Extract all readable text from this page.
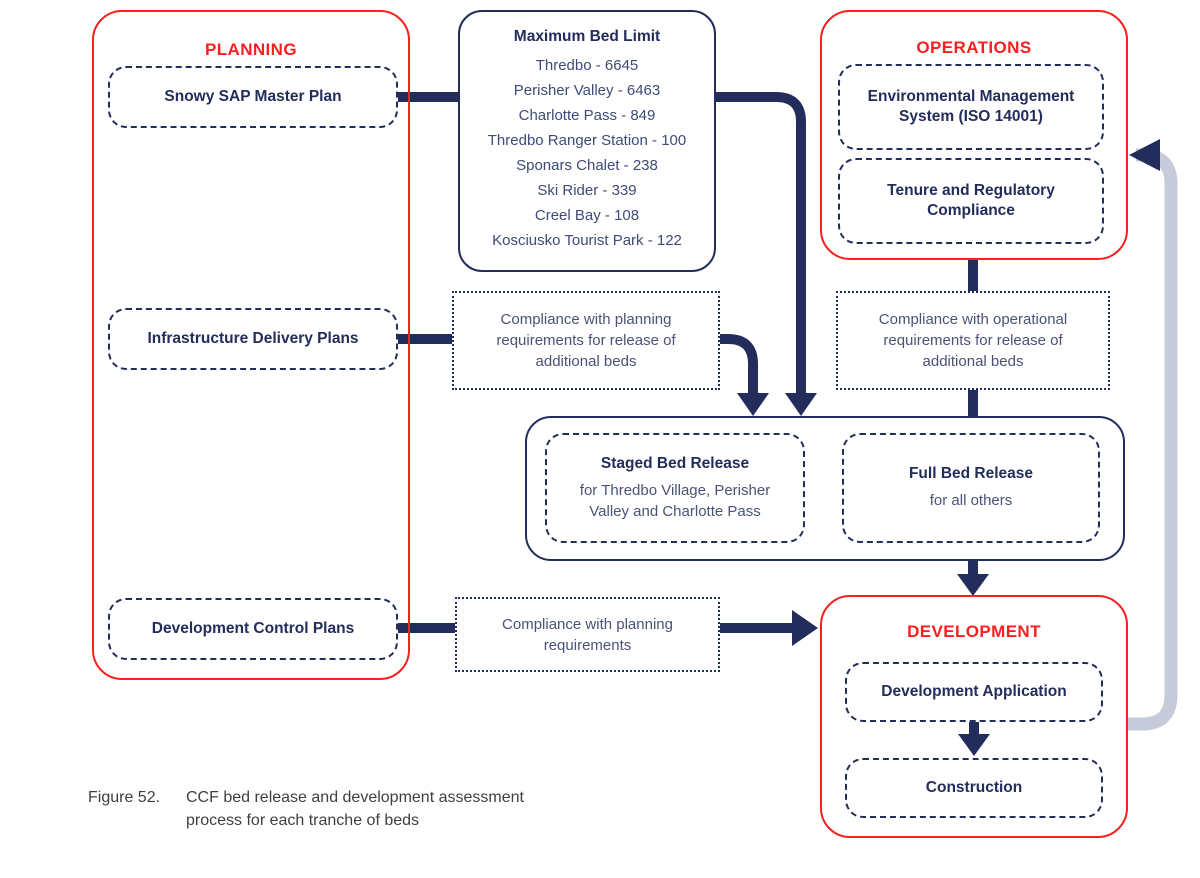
PLANNING
Snowy SAP Master Plan
Infrastructure Delivery Plans
Development Control Plans
Maximum Bed Limit
Thredbo - 6645
Perisher Valley - 6463
Charlotte Pass - 849
Thredbo Ranger Station - 100
Sponars Chalet - 238
Ski Rider - 339
Creel Bay - 108
Kosciusko Tourist Park - 122
OPERATIONS
Environmental Management System (ISO 14001)
Tenure and Regulatory Compliance
Compliance with planning requirements for release of additional beds
Compliance with operational requirements for release of additional beds
Staged Bed Release
for Thredbo Village, Perisher Valley and Charlotte Pass
Full Bed Release
for all others
Compliance with planning requirements
DEVELOPMENT
Development Application
Construction
Figure 52.	CCF bed release and development assessment process for each tranche of beds
